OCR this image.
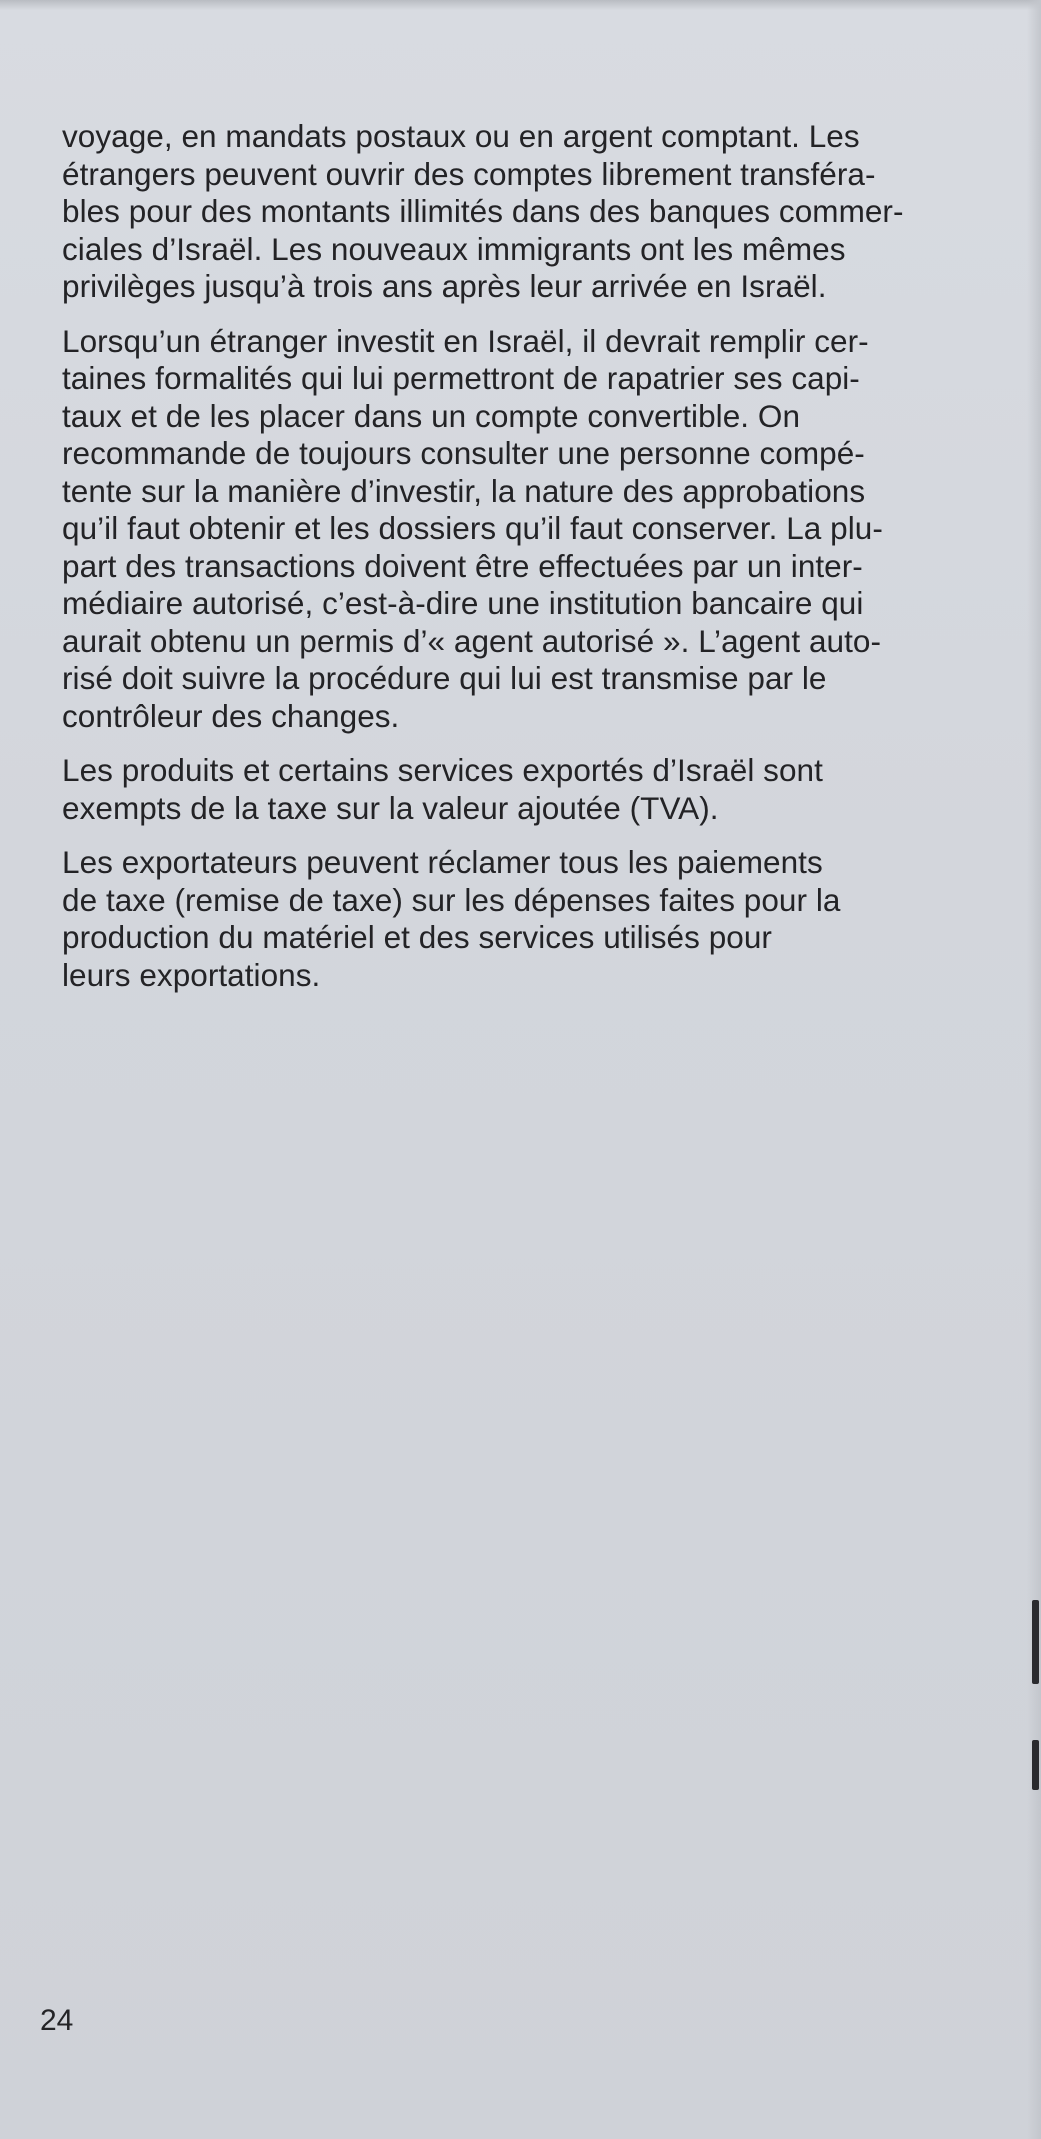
voyage, en mandats postaux ou en argent comptant. Les
étrangers peuvent ouvrir des comptes librement transféra-
bles pour des montants illimités dans des banques commer-
ciales d’Israël. Les nouveaux immigrants ont les mêmes
privilèges jusqu’à trois ans après leur arrivée en Israël.

Lorsqu’un étranger investit en Israël, il devrait remplir cer-
taines formalités qui lui permettront de rapatrier ses capi-
taux et de les placer dans un compte convertible. On
recommande de toujours consulter une personne compé-
tente sur la manière d’investir, la nature des approbations
qu’il faut obtenir et les dossiers qu’il faut conserver. La plu-
part des transactions doivent être effectuées par un inter-
médiaire autorisé, c’est-à-dire une institution bancaire qui
aurait obtenu un permis d’« agent autorisé ». L’agent auto-
risé doit suivre la procédure qui lui est transmise par le
contrôleur des changes.

Les produits et certains services exportés d’Israël sont
exempts de la taxe sur la valeur ajoutée (TVA).

Les exportateurs peuvent réclamer tous les paiements
de taxe (remise de taxe) sur les dépenses faites pour la
production du matériel et des services utilisés pour
leurs exportations.

24
